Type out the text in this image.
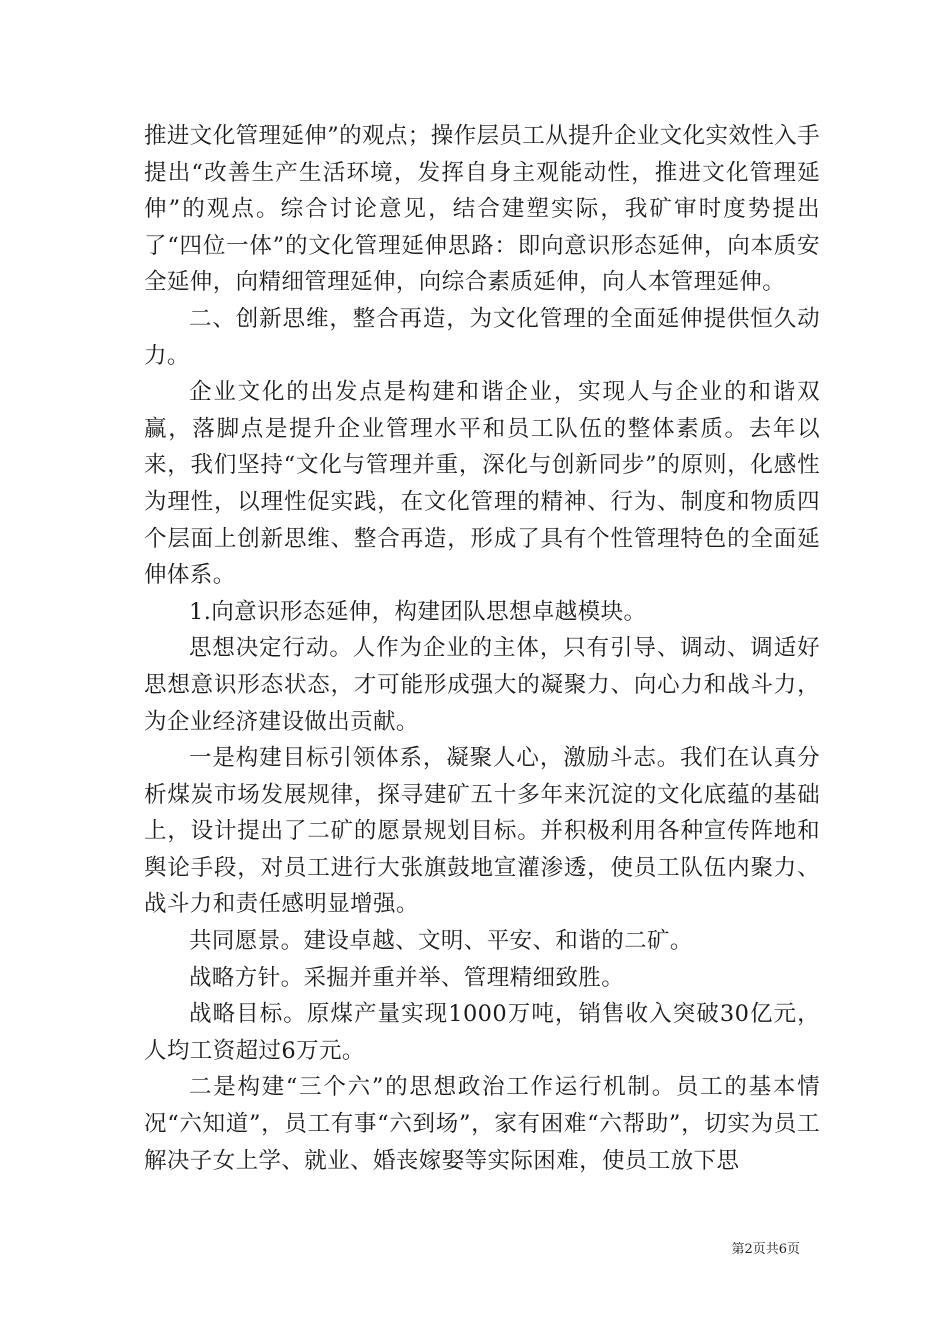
推进文化管理延伸”的观点；操作层员工从提升企业文化实效性入手提出“改善生产生活环境，发挥自身主观能动性，推进文化管理延伸”的观点。综合讨论意见，结合建塑实际，我矿审时度势提出了“四位一体”的文化管理延伸思路：即向意识形态延伸，向本质安全延伸，向精细管理延伸，向综合素质延伸，向人本管理延伸。

二、创新思维，整合再造，为文化管理的全面延伸提供恒久动力。

企业文化的出发点是构建和谐企业，实现人与企业的和谐双赢，落脚点是提升企业管理水平和员工队伍的整体素质。去年以来，我们坚持“文化与管理并重，深化与创新同步”的原则，化感性为理性，以理性促实践，在文化管理的精神、行为、制度和物质四个层面上创新思维、整合再造，形成了具有个性管理特色的全面延伸体系。

1.向意识形态延伸，构建团队思想卓越模块。

思想决定行动。人作为企业的主体，只有引导、调动、调适好思想意识形态状态，才可能形成强大的凝聚力、向心力和战斗力，为企业经济建设做出贡献。

一是构建目标引领体系，凝聚人心，激励斗志。我们在认真分析煤炭市场发展规律，探寻建矿五十多年来沉淀的文化底蕴的基础上，设计提出了二矿的愿景规划目标。并积极利用各种宣传阵地和舆论手段，对员工进行大张旗鼓地宣灌渗透，使员工队伍内聚力、战斗力和责任感明显增强。

共同愿景。建设卓越、文明、平安、和谐的二矿。

战略方针。采掘并重并举、管理精细致胜。

战略目标。原煤产量实现1000万吨，销售收入突破30亿元，人均工资超过6万元。

二是构建“三个六”的思想政治工作运行机制。员工的基本情况“六知道”，员工有事“六到场”，家有困难“六帮助”，切实为员工解决子女上学、就业、婚丧嫁娶等实际困难，使员工放下思

第2页共6页
